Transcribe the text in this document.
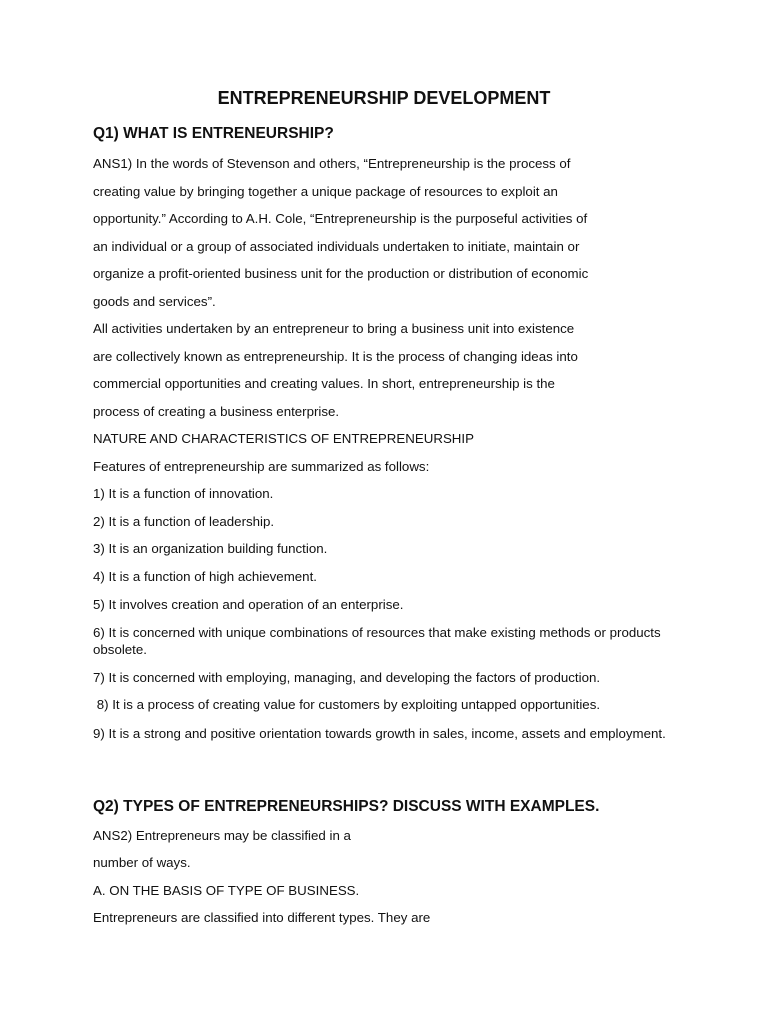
ENTREPRENEURSHIP DEVELOPMENT
Q1) WHAT IS ENTRENEURSHIP?
ANS1) In the words of Stevenson and others, “Entrepreneurship is the process of
creating value by bringing together a unique package of resources to exploit an
opportunity.” According to A.H. Cole, “Entrepreneurship is the purposeful activities of
an individual or a group of associated individuals undertaken to initiate, maintain or
organize a profit-oriented business unit for the production or distribution of economic
goods and services”.
All activities undertaken by an entrepreneur to bring a business unit into existence
are collectively known as entrepreneurship. It is the process of changing ideas into
commercial opportunities and creating values. In short, entrepreneurship is the
process of creating a business enterprise.
NATURE AND CHARACTERISTICS OF ENTREPRENEURSHIP
Features of entrepreneurship are summarized as follows:
1) It is a function of innovation.
2) It is a function of leadership.
3) It is an organization building function.
4) It is a function of high achievement.
5) It involves creation and operation of an enterprise.
6) It is concerned with unique combinations of resources that make existing methods or products obsolete.
7) It is concerned with employing, managing, and developing the factors of production.
8) It is a process of creating value for customers by exploiting untapped opportunities.
9) It is a strong and positive orientation towards growth in sales, income, assets and employment.
Q2) TYPES OF ENTREPRENEURSHIPS? DISCUSS WITH EXAMPLES.
ANS2) Entrepreneurs may be classified in a
number of ways.
A. ON THE BASIS OF TYPE OF BUSINESS.
Entrepreneurs are classified into different types. They are
